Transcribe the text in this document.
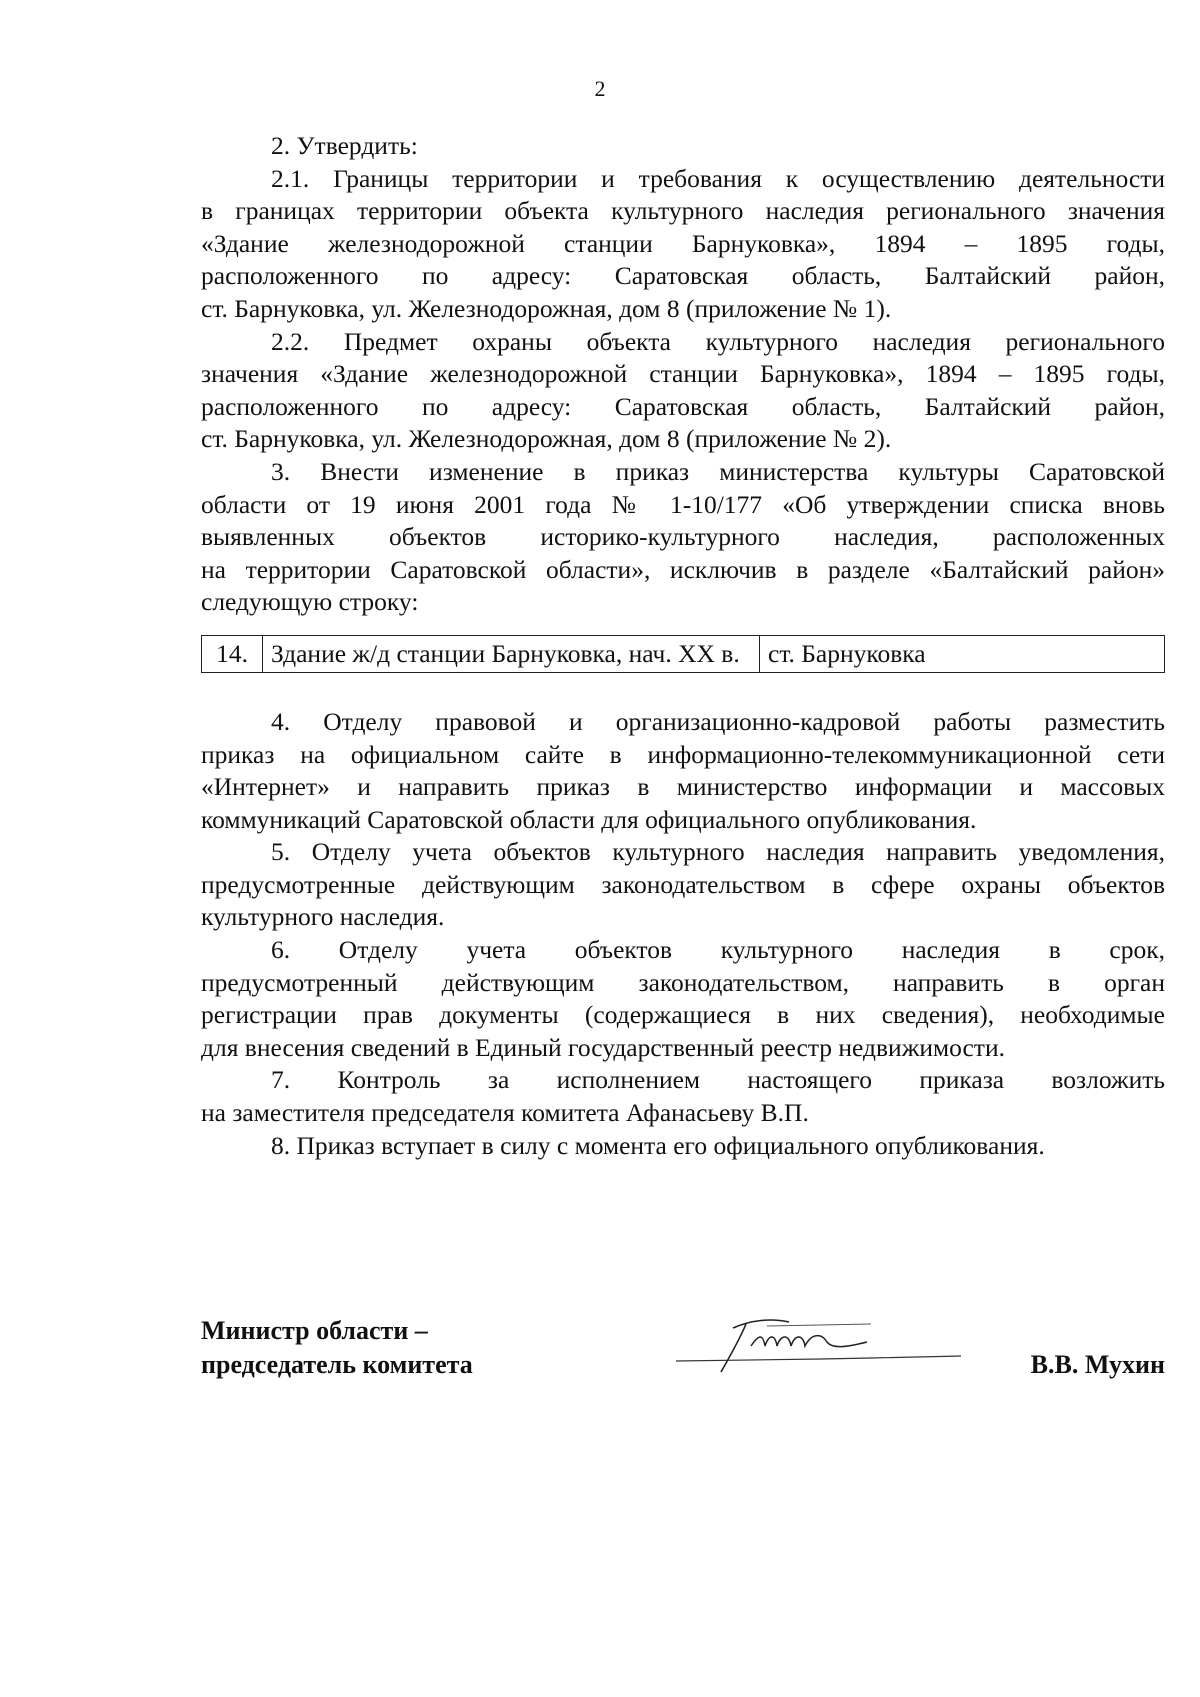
2

2. Утвердить:

2.1. Границы территории и требования к осуществлению деятельности
в границах территории объекта культурного наследия регионального значения
«Здание железнодорожной станции Барнуковка», 1894 – 1895 годы,
расположенного по адресу: Саратовская область, Балтайский район,
ст. Барнуковка, ул. Железнодорожная, дом 8 (приложение № 1).
2.2. Предмет охраны объекта культурного наследия регионального
значения «Здание железнодорожной станции Барнуковка», 1894 – 1895 годы,
расположенного по адресу: Саратовская область, Балтайский район,
ст. Барнуковка, ул. Железнодорожная, дом 8 (приложение № 2).
3. Внести изменение в приказ министерства культуры Саратовской
области от 19 июня 2001 года № 1-10/177 «Об утверждении списка вновь
выявленных объектов историко-культурного наследия, расположенных
на территории Саратовской области», исключив в разделе «Балтайский район»
следующую строку:
14.	Здание ж/д станции Барнуковка, нач. XX в.	ст. Барнуковка
4. Отделу правовой и организационно-кадровой работы разместить
приказ на официальном сайте в информационно-телекоммуникационной сети
«Интернет» и направить приказ в министерство информации и массовых
коммуникаций Саратовской области для официального опубликования.
5. Отделу учета объектов культурного наследия направить уведомления,
предусмотренные действующим законодательством в сфере охраны объектов
культурного наследия.
6. Отделу учета объектов культурного наследия в срок,
предусмотренный действующим законодательством, направить в орган
регистрации прав документы (содержащиеся в них сведения), необходимые
для внесения сведений в Единый государственный реестр недвижимости.
7. Контроль за исполнением настоящего приказа возложить
на заместителя председателя комитета Афанасьеву В.П.

8. Приказ вступает в силу с момента его официального опубликования.

Министр области –
председатель комитета	В.В. Мухин
